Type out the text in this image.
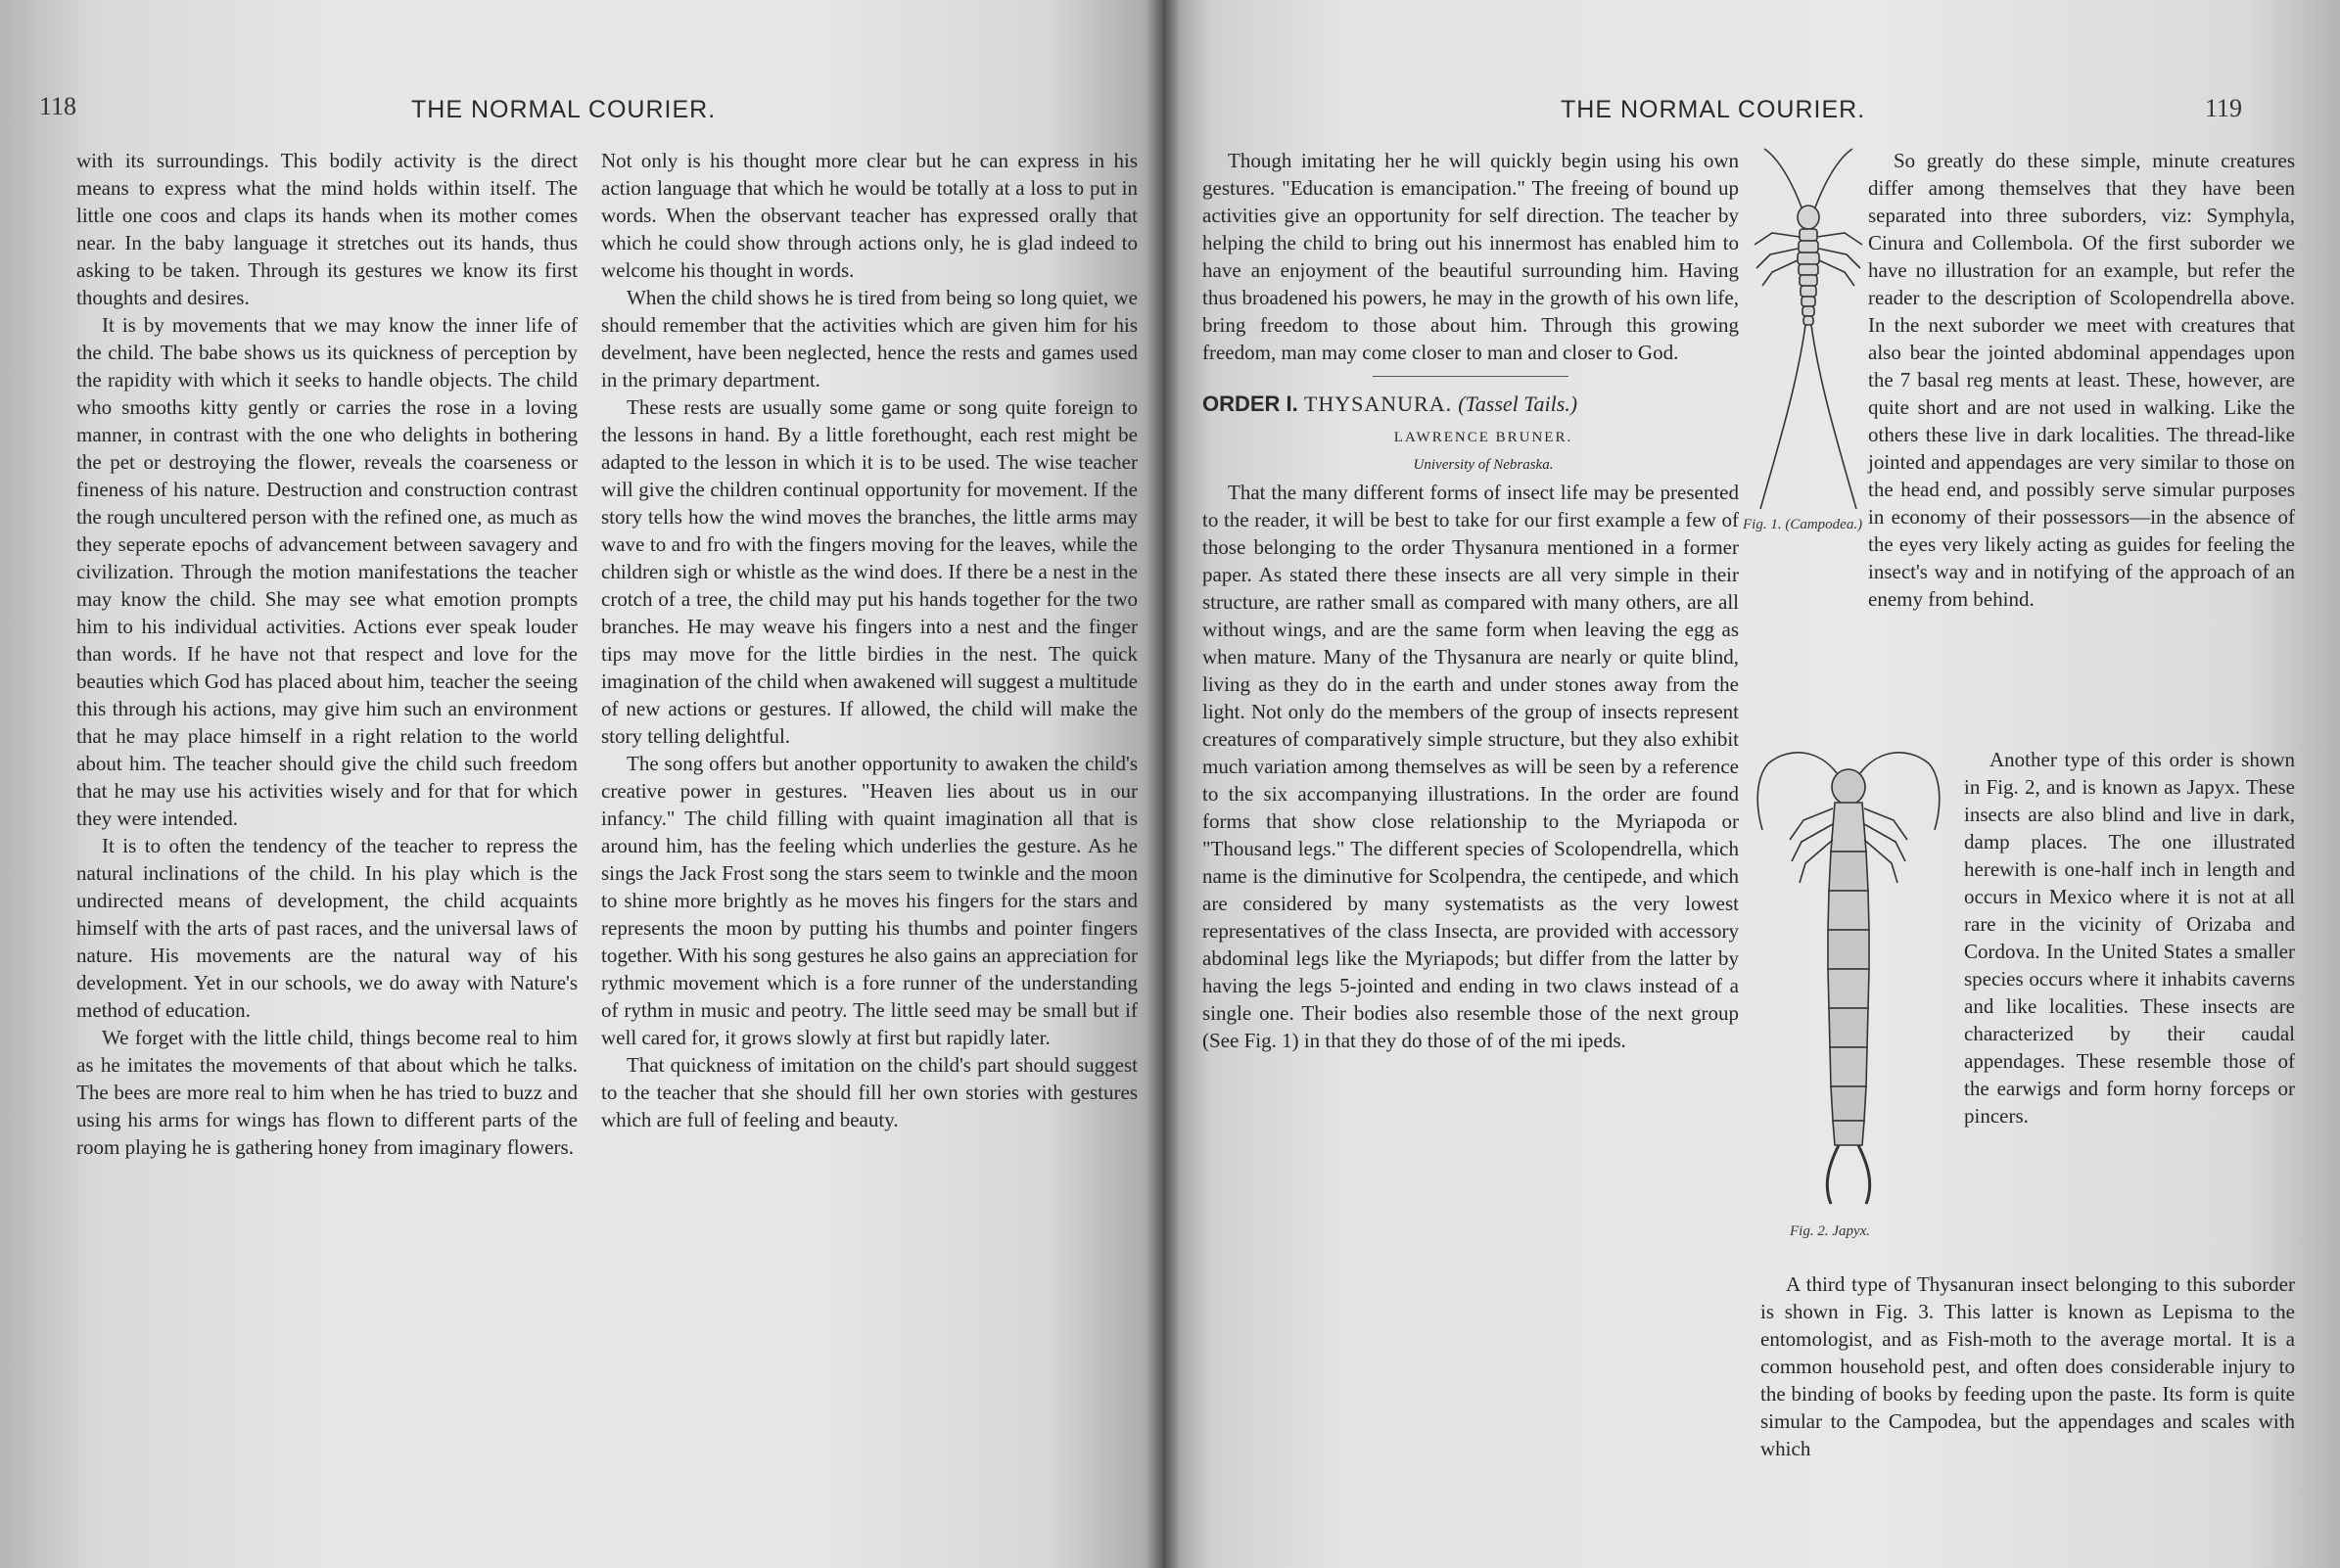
118	THE NORMAL COURIER.

with its surroundings. This bodily activity is the direct means to express what the mind holds within itself. The little one coos and claps its hands when its mother comes near. In the baby language it stretches out its hands, thus asking to be taken. Through its gestures we know its first thoughts and desires.

It is by movements that we may know the inner life of the child. The babe shows us its quickness of perception by the rapidity with which it seeks to handle objects. The child who smooths kitty gently or carries the rose in a loving manner, in contrast with the one who delights in bothering the pet or destroying the flower, reveals the coarseness or fineness of his nature. Destruction and construction contrast the rough uncultered person with the refined one, as much as they seperate epochs of advancement between savagery and civilization. Through the motion manifestations the teacher may know the child. She may see what emotion prompts him to his individual activities. Actions ever speak louder than words. If he have not that respect and love for the beauties which God has placed about him, teacher the seeing this through his actions, may give him such an environment that he may place himself in a right relation to the world about him. The teacher should give the child such freedom that he may use his activities wisely and for that for which they were intended.

It is to often the tendency of the teacher to repress the natural inclinations of the child. In his play which is the undirected means of development, the child acquaints himself with the arts of past races, and the universal laws of nature. His movements are the natural way of his development. Yet in our schools, we do away with Nature's method of education.

We forget with the little child, things become real to him as he imitates the movements of that about which he talks. The bees are more real to him when he has tried to buzz and using his arms for wings has flown to different parts of the room playing he is gathering honey from imaginary flowers.

Not only is his thought more clear but he can express in his action language that which he would be totally at a loss to put in words. When the observant teacher has expressed orally that which he could show through actions only, he is glad indeed to welcome his thought in words.

When the child shows he is tired from being so long quiet, we should remember that the activities which are given him for his develment, have been neglected, hence the rests and games used in the primary department.

These rests are usually some game or song quite foreign to the lessons in hand. By a little forethought, each rest might be adapted to the lesson in which it is to be used. The wise teacher will give the children continual opportunity for movement. If the story tells how the wind moves the branches, the little arms may wave to and fro with the fingers moving for the leaves, while the children sigh or whistle as the wind does. If there be a nest in the crotch of a tree, the child may put his hands together for the two branches. He may weave his fingers into a nest and the finger tips may move for the little birdies in the nest. The quick imagination of the child when awakened will suggest a multitude of new actions or gestures. If allowed, the child will make the story telling delightful.

The song offers but another opportunity to awaken the child's creative power in gestures. "Heaven lies about us in our infancy." The child filling with quaint imagination all that is around him, has the feeling which underlies the gesture. As he sings the Jack Frost song the stars seem to twinkle and the moon to shine more brightly as he moves his fingers for the stars and represents the moon by putting his thumbs and pointer fingers together. With his song gestures he also gains an appreciation for rythmic movement which is a fore runner of the understanding of rythm in music and peotry. The little seed may be small but if well cared for, it grows slowly at first but rapidly later.

That quickness of imitation on the child's part should suggest to the teacher that she should fill her own stories with gestures which are full of feeling and beauty.

THE NORMAL COURIER.	119

Though imitating her he will quickly begin using his own gestures. "Education is emancipation." The freeing of bound up activities give an opportunity for self direction. The teacher by helping the child to bring out his innermost has enabled him to have an enjoyment of the beautiful surrounding him. Having thus broadened his powers, he may in the growth of his own life, bring freedom to those about him. Through this growing freedom, man may come closer to man and closer to God.

ORDER I. THYSANURA. (Tassel Tails.)

LAWRENCE BRUNER.

University of Nebraska.

That the many different forms of insect life may be presented to the reader, it will be best to take for our first example a few of those belonging to the order Thysanura mentioned in a former paper. As stated there these insects are all very simple in their structure, are rather small as compared with many others, are all without wings, and are the same form when leaving the egg as when mature. Many of the Thysanura are nearly or quite blind, living as they do in the earth and under stones away from the light. Not only do the members of the group of insects represent creatures of comparatively simple structure, but they also exhibit much variation among themselves as will be seen by a reference to the six accompanying illustrations. In the order are found forms that show close relationship to the Myriapoda or "Thousand legs." The different species of Scolopendrella, which name is the diminutive for Scolpendra, the centipede, and which are considered by many systematists as the very lowest representatives of the class Insecta, are provided with accessory abdominal legs like the Myriapods; but differ from the latter by having the legs 5-jointed and ending in two claws instead of a single one. Their bodies also resemble those of the next group (See Fig. 1) in that they do those of of the mi ipeds.

Fig. 1. (Campodea.)

So greatly do these simple, minute creatures differ among themselves that they have been separated into three suborders, viz: Symphyla, Cinura and Collembola. Of the first suborder we have no illustration for an example, but refer the reader to the description of Scolopendrella above. In the next suborder we meet with creatures that also bear the jointed abdominal appendages upon the 7 basal reg ments at least. These, however, are quite short and are not used in walking. Like the others these live in dark localities. The thread-like jointed and appendages are very similar to those on the head end, and possibly serve simular purposes in economy of their possessors—in the absence of the eyes very likely acting as guides for feeling the insect's way and in notifying of the approach of an enemy from behind.

Fig. 2. Japyx.

Another type of this order is shown in Fig. 2, and is known as Japyx. These insects are also blind and live in dark, damp places. The one illustrated herewith is one-half inch in length and occurs in Mexico where it is not at all rare in the vicinity of Orizaba and Cordova. In the United States a smaller species occurs where it inhabits caverns and like localities. These insects are characterized by their caudal appendages. These resemble those of the earwigs and form horny forceps or pincers.

A third type of Thysanuran insect belonging to this suborder is shown in Fig. 3. This latter is known as Lepisma to the entomologist, and as Fish-moth to the average mortal. It is a common household pest, and often does considerable injury to the binding of books by feeding upon the paste. Its form is quite simular to the Campodea, but the appendages and scales with which
